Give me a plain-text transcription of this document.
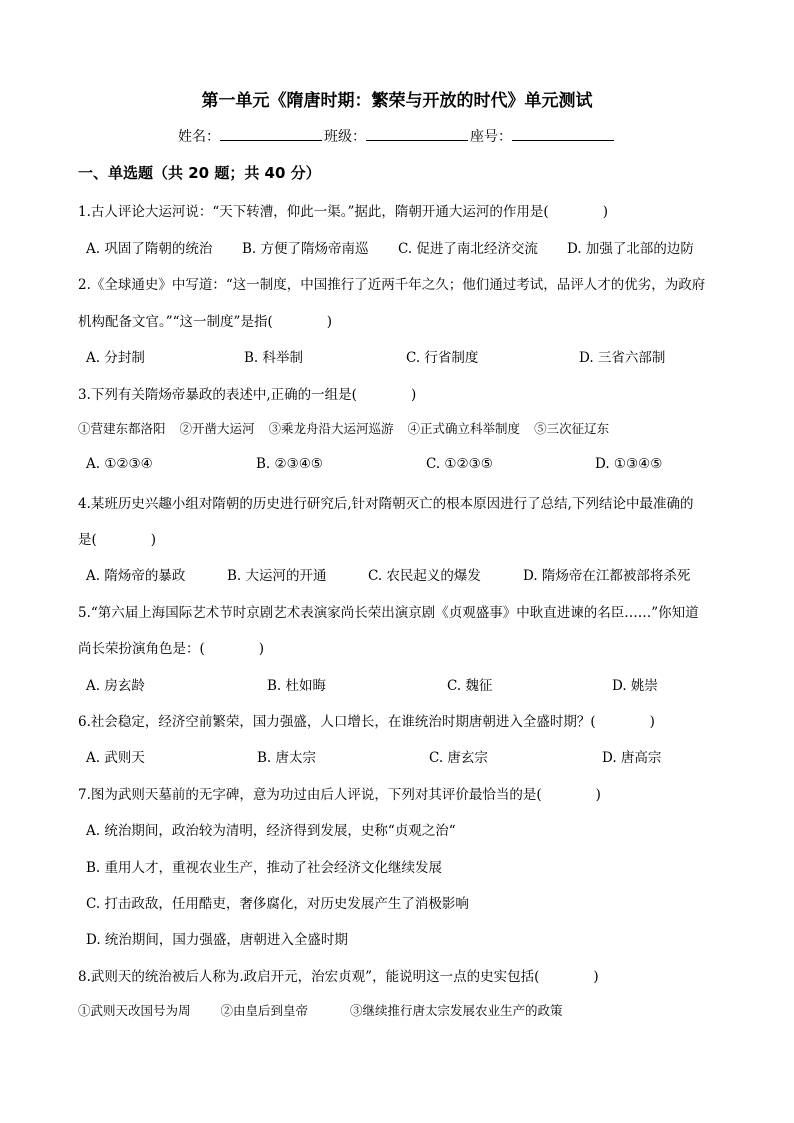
第一单元《隋唐时期：繁荣与开放的时代》单元测试
姓名：	班级：	座号：
一、单选题（共 20 题；共 40 分）
1.古人评论大运河说：“天下转漕，仰此一渠。”据此，隋朝开通大运河的作用是(　　　　)
A. 巩固了隋朝的统治 B. 方便了隋炀帝南巡 C. 促进了南北经济交流 D. 加强了北部的边防
2.《全球通史》中写道：“这一制度，中国推行了近两千年之久；他们通过考试，品评人才的优劣，为政府
机构配备文官。”“这一制度”是指(　　　　)
A. 分封制	B. 科举制	C. 行省制度	D. 三省六部制
3.下列有关隋炀帝暴政的表述中,正确的一组是(　　　　)
①营建东都洛阳 ②开凿大运河 ③乘龙舟沿大运河巡游 ④正式确立科举制度 ⑤三次征辽东
A. ①②③④	B. ②③④⑤	C. ①②③⑤	D. ①③④⑤
4.某班历史兴趣小组对隋朝的历史进行研究后,针对隋朝灭亡的根本原因进行了总结,下列结论中最准确的
是(　　　　)
A. 隋炀帝的暴政	B. 大运河的开通	C. 农民起义的爆发	D. 隋炀帝在江都被部将杀死
5.“第六届上海国际艺术节时京剧艺术表演家尚长荣出演京剧《贞观盛事》中耿直进谏的名臣……”你知道
尚长荣扮演角色是：(　　　　)
A. 房玄龄	B. 杜如晦	C. 魏征	D. 姚崇
6.社会稳定，经济空前繁荣，国力强盛，人口增长，在谁统治时期唐朝进入全盛时期？(　　　　)
A. 武则天	B. 唐太宗	C. 唐玄宗	D. 唐高宗
7.图为武则天墓前的无字碑，意为功过由后人评说，下列对其评价最恰当的是(　　　　)
A. 统治期间，政治较为清明，经济得到发展，史称“贞观之治“
B. 重用人才，重视农业生产，推动了社会经济文化继续发展
C. 打击政敌，任用酷吏，奢侈腐化，对历史发展产生了消极影响
D. 统治期间，国力强盛，唐朝进入全盛时期
8.武则天的统治被后人称为.政启开元，治宏贞观”，能说明这一点的史实包括(　　　　)
①武则天改国号为周 ②由皇后到皇帝	③继续推行唐太宗发展农业生产的政策
